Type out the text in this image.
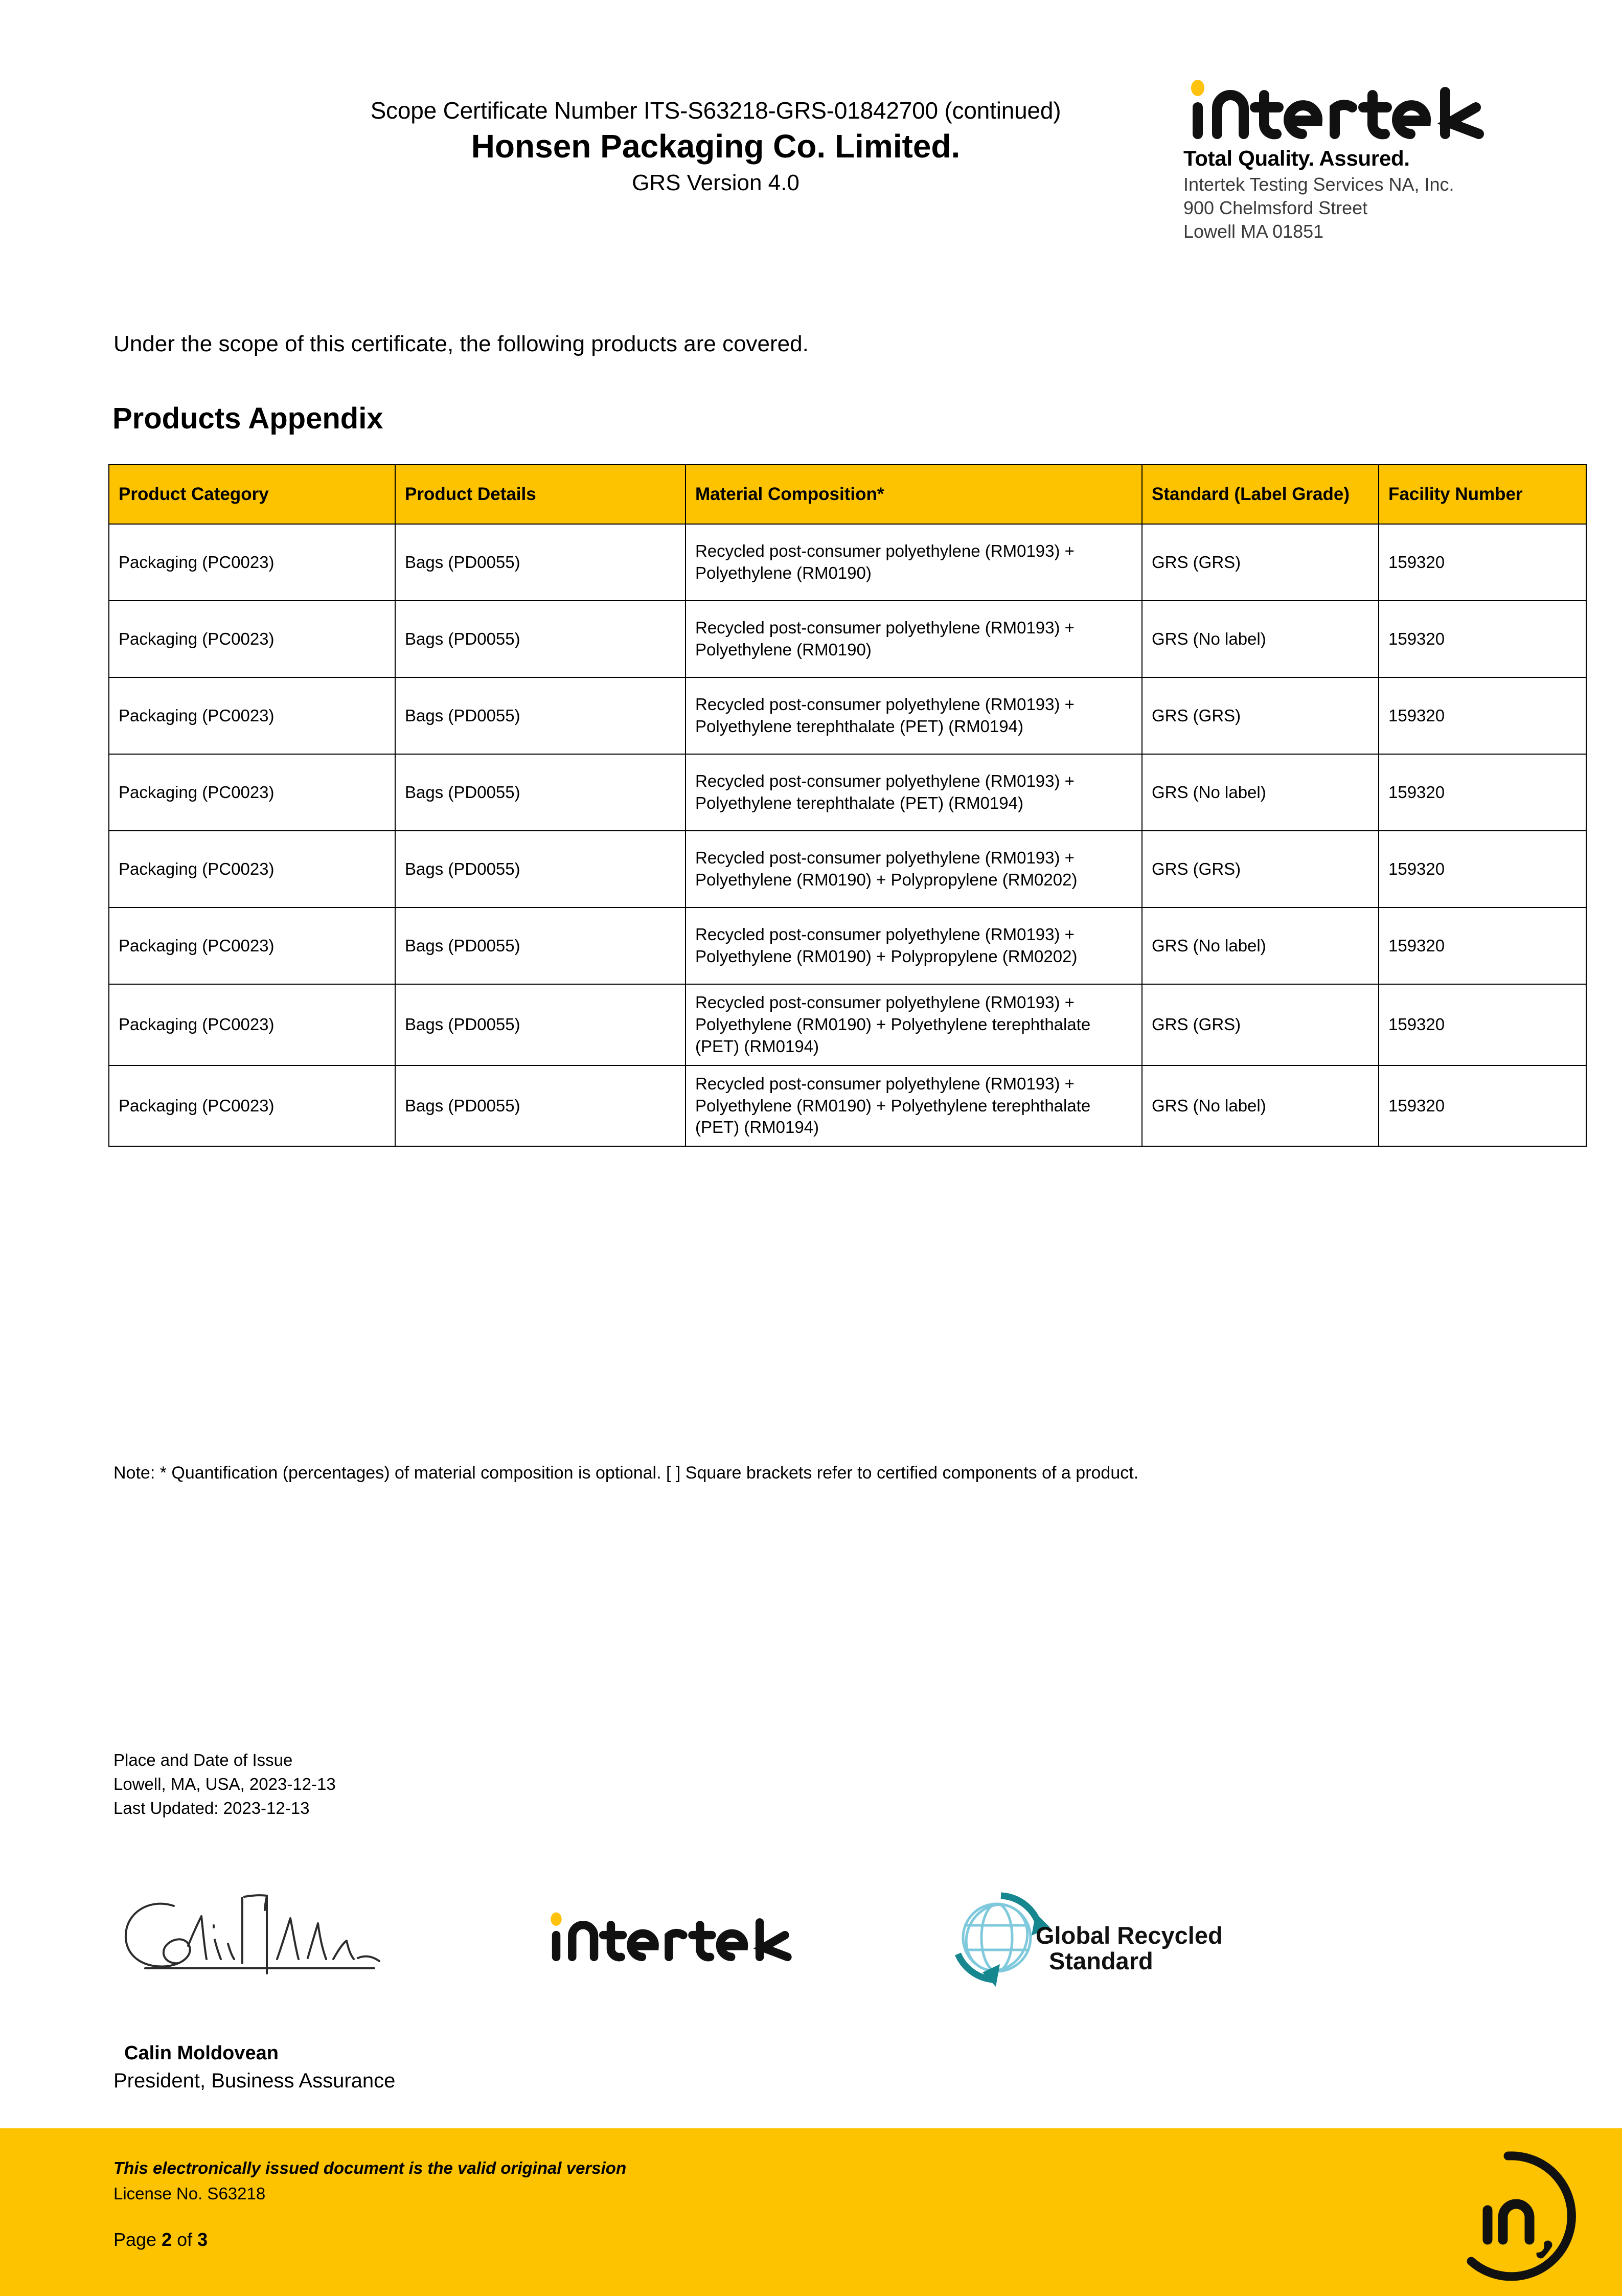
Scope Certificate Number ITS-S63218-GRS-01842700 (continued)
Honsen Packaging Co. Limited.
GRS Version 4.0
Total Quality. Assured.
Intertek Testing Services NA, Inc.
900 Chelmsford Street
Lowell MA 01851
Under the scope of this certificate, the following products are covered.
Products Appendix
Product Category	Product Details	Material Composition*	Standard (Label Grade)	Facility Number
Packaging (PC0023)	Bags (PD0055)	Recycled post-consumer polyethylene (RM0193) + Polyethylene (RM0190)	GRS (GRS)	159320
Packaging (PC0023)	Bags (PD0055)	Recycled post-consumer polyethylene (RM0193) + Polyethylene (RM0190)	GRS (No label)	159320
Packaging (PC0023)	Bags (PD0055)	Recycled post-consumer polyethylene (RM0193) + Polyethylene terephthalate (PET) (RM0194)	GRS (GRS)	159320
Packaging (PC0023)	Bags (PD0055)	Recycled post-consumer polyethylene (RM0193) + Polyethylene terephthalate (PET) (RM0194)	GRS (No label)	159320
Packaging (PC0023)	Bags (PD0055)	Recycled post-consumer polyethylene (RM0193) + Polyethylene (RM0190) + Polypropylene (RM0202)	GRS (GRS)	159320
Packaging (PC0023)	Bags (PD0055)	Recycled post-consumer polyethylene (RM0193) + Polyethylene (RM0190) + Polypropylene (RM0202)	GRS (No label)	159320
Packaging (PC0023)	Bags (PD0055)	Recycled post-consumer polyethylene (RM0193) + Polyethylene (RM0190) + Polyethylene terephthalate (PET) (RM0194)	GRS (GRS)	159320
Packaging (PC0023)	Bags (PD0055)	Recycled post-consumer polyethylene (RM0193) + Polyethylene (RM0190) + Polyethylene terephthalate (PET) (RM0194)	GRS (No label)	159320
Note: * Quantification (percentages) of material composition is optional. [ ] Square brackets refer to certified components of a product.
Place and Date of Issue
Lowell, MA, USA, 2023-12-13
Last Updated: 2023-12-13
Calin Moldovean
President, Business Assurance
Global Recycled
Standard
This electronically issued document is the valid original version
License No. S63218
Page 2 of 3
